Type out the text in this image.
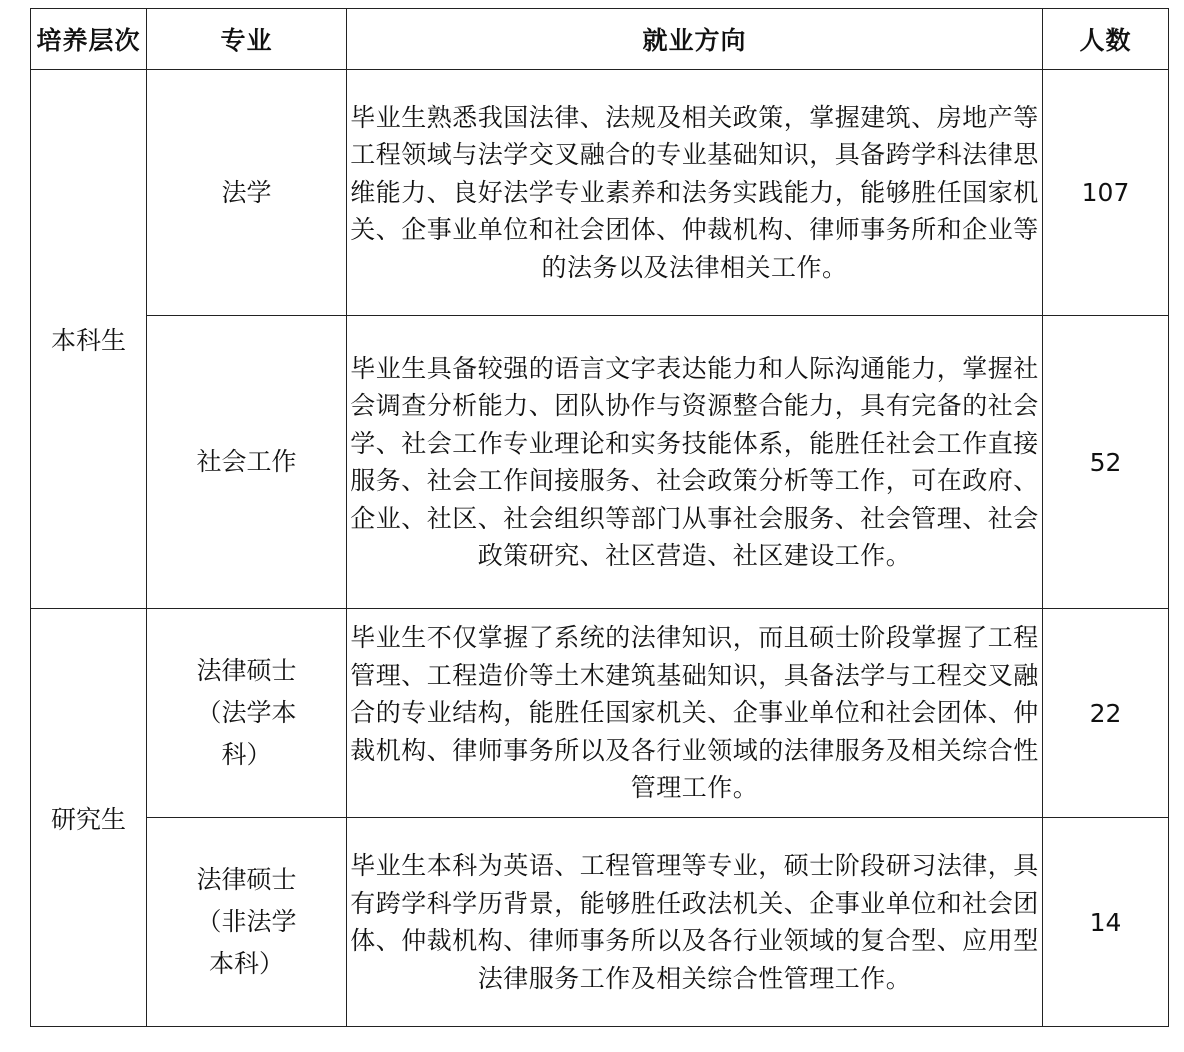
培养层次	专业	就业方向	人数
本科生	法学	毕业生熟悉我国法律、法规及相关政策，掌握建筑、房地产等工程领域与法学交叉融合的专业基础知识，具备跨学科法律思维能力、良好法学专业素养和法务实践能力，能够胜任国家机关、企事业单位和社会团体、仲裁机构、律师事务所和企业等的法务以及法律相关工作。	107
	社会工作	毕业生具备较强的语言文字表达能力和人际沟通能力，掌握社会调查分析能力、团队协作与资源整合能力，具有完备的社会学、社会工作专业理论和实务技能体系，能胜任社会工作直接服务、社会工作间接服务、社会政策分析等工作，可在政府、企业、社区、社会组织等部门从事社会服务、社会管理、社会政策研究、社区营造、社区建设工作。	52
研究生	法律硕士（法学本科）	毕业生不仅掌握了系统的法律知识，而且硕士阶段掌握了工程管理、工程造价等土木建筑基础知识，具备法学与工程交叉融合的专业结构，能胜任国家机关、企事业单位和社会团体、仲裁机构、律师事务所以及各行业领域的法律服务及相关综合性管理工作。	22
	法律硕士（非法学本科）	毕业生本科为英语、工程管理等专业，硕士阶段研习法律，具有跨学科学历背景，能够胜任政法机关、企事业单位和社会团体、仲裁机构、律师事务所以及各行业领域的复合型、应用型法律服务工作及相关综合性管理工作。	14
